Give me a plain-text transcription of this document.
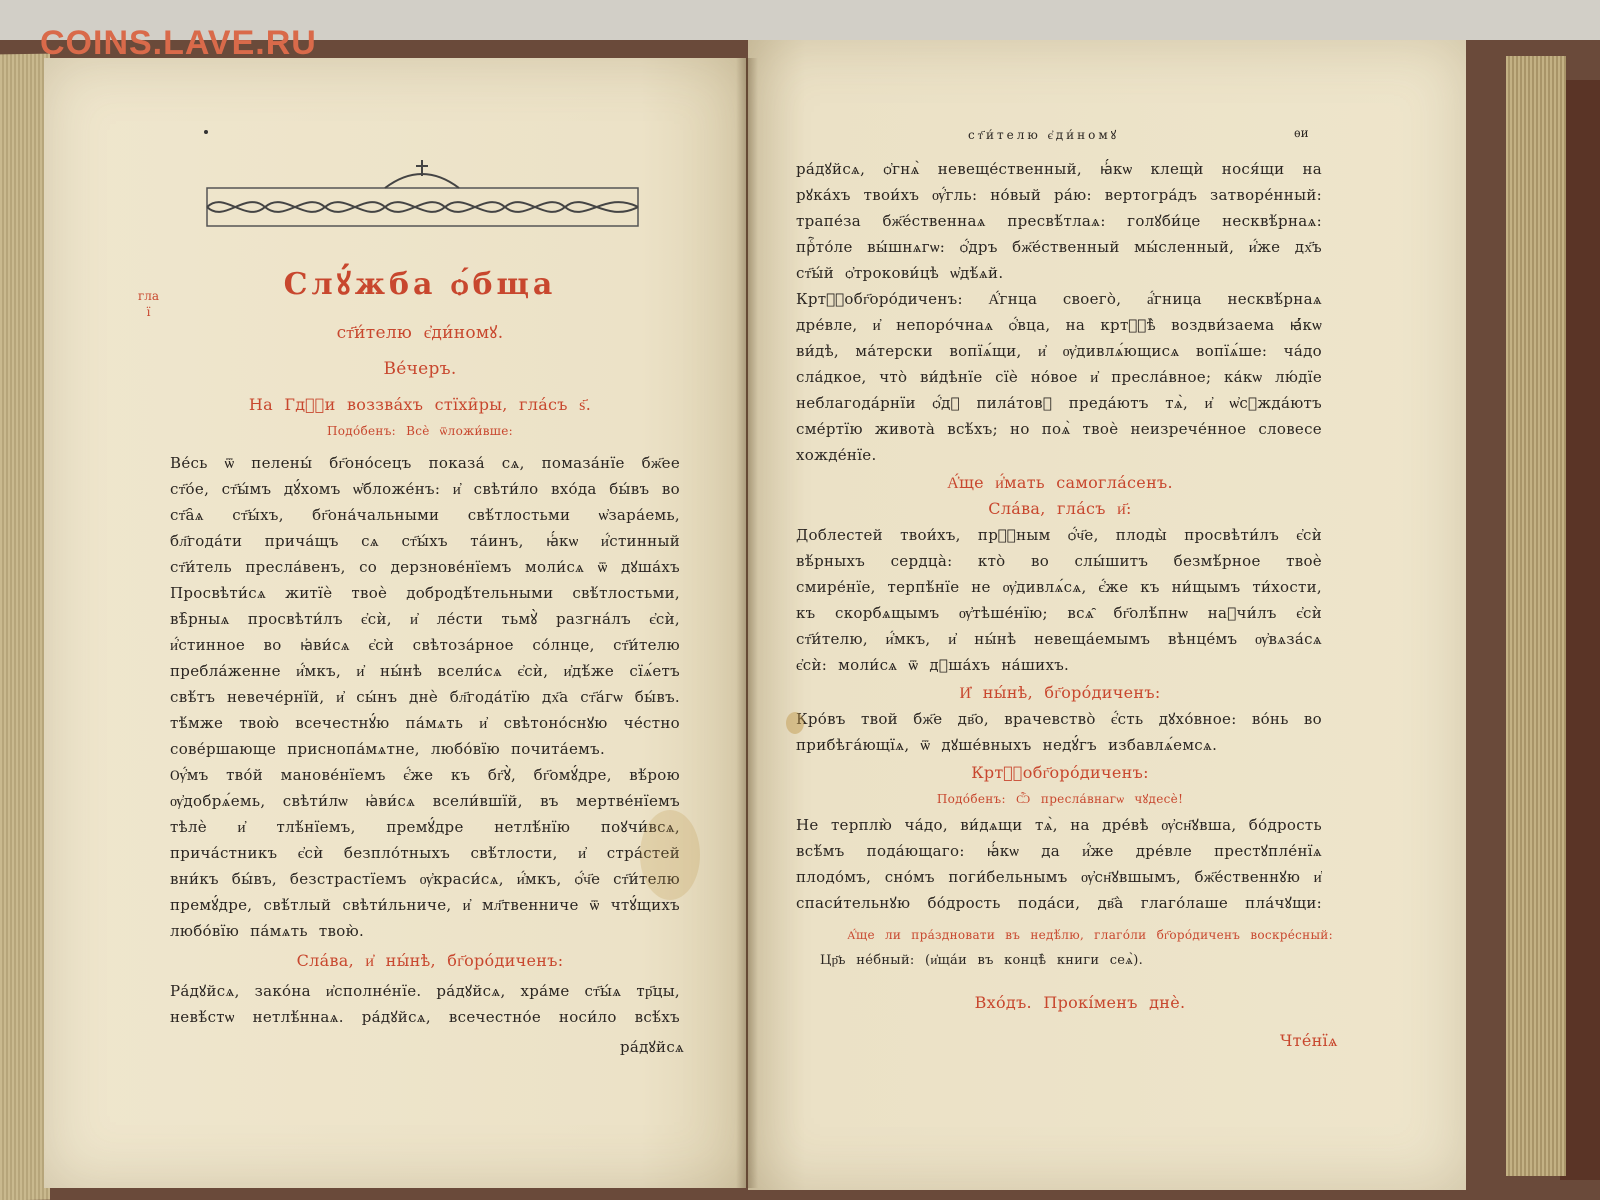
COINS.LAVE.RU
гла
ї
Слꙋ́жба ѻ́бща
ст҃и́телю є҆ди́номꙋ.
Ве́черъ.
На Гдⷭ҇и воззва́хъ стїхи̑ры, гла́съ ѕ҃.
Подо́бенъ: Всѐ ѿложи́вше:
Ве́сь ѿ пелены́ бг҃оно́сецъ показа́ сѧ, помаза́нїе бж҃ее ст҃о́е, ст҃ы́мъ дꙋ́хомъ ѡ҆бложе́нъ: и҆ свѣти́ло вхо́да бы́въ во ст҃а̑ѧ ст҃ы́хъ, бг҃она́чальными свѣ́тлостьми ѡ҆зара́емь, бл҃года́ти прича́щъ сѧ ст҃ы́хъ та́инъ, ꙗ҆́кѡ и҆́стинный ст҃и́тель пресла́венъ, со дерзнове́нїемъ моли́сѧ ѿ дꙋша́хъ
Просвѣти́сѧ житїѐ твоѐ добродѣ́тельными свѣ́тлостьми, вѣ̑рныѧ просвѣти́лъ є҆сѝ, и҆ ле́сти тьмꙋ̀ разгна́лъ є҆сѝ, и҆́стинное во ꙗ҆ви́сѧ є҆сѝ свѣтоза́рное со́лнце, ст҃и́телю пребла́женне и҆́мкъ, и҆ ны́нѣ всели́сѧ є҆сѝ, и҆дѣ́же сїѧ́етъ свѣ́тъ невече́рнїй, и҆ сы́нъ днѐ бл҃года́тїю дх҃а ст҃а́гѡ бы́въ. тѣ́мже твою̀ всечестнꙋ́ю па́мѧть и҆ свѣтоно́снꙋю че́стно сове́ршающе приснопа́мѧтне, любо́вїю почита́емъ.
Ѹ҆́мъ тво́й манове́нїемъ є҆́же къ бг҃ꙋ̀, бг҃омꙋ́дре, вѣ́рою ѹ҆добрѧ́емь, свѣти́лѡ ꙗ҆ви́сѧ всели́вшїй, въ мертве́нїемъ тѣлѐ и҆ тлѣ́нїемъ, премꙋ́дре нетлѣ́нїю поꙋчи́всѧ, прича́стникъ є҆сѝ безпло́тныхъ свѣ́тлости, и҆ стра́стей вни́къ бы́въ, безстрастїемъ ѹ҆краси́сѧ, и҆́мкъ, ѻ҆́ч҃е ст҃и́телю премꙋ́дре, свѣ́тлый свѣти́льниче, и҆ мл҃твенниче ѿ чтꙋ́щихъ любо́вїю па́мѧть твою̀.
Сла́ва, и҆ ны́нѣ, бг҃оро́диченъ:
Ра́дꙋйсѧ, зако́на и҆сполне́нїе. ра́дꙋйсѧ, хра́ме ст҃ы́ѧ тр҃цы, невѣ́стѡ нетлѣ́ннаѧ. ра́дꙋйсѧ, всечестно́е носи́ло всѣ́хъ
ра́дꙋйсѧ
ст҃и́телю є҆ди́номꙋ	ѳи
ра́дꙋйсѧ, ѻ҆гнѧ̀ невеще́ственный, ꙗ҆́кѡ клещѝ нося́щи на рꙋка́хъ твои́хъ ѹ҆́гль: но́вый ра́ю: вертогра́дъ затворе́нный: трапе́за бж҃е́ственнаѧ пресвѣ́тлаѧ: голꙋби́це несквѣ́рнаѧ: прⷭ҇то́ле вы́шнѧгѡ: ѻ҆́дръ бж҃е́ственный мы́сленный, и҆́же дх҃ъ ст҃ы́й ѻ҆трокови́цѣ ѡ҆дѣ́ѧй.
Кртⷭ҇обг҃оро́диченъ: А҆́гнца своего̀, а҆́гница несквѣ́рнаѧ дре́вле, и҆ непоро́чнаѧ ѻ҆́вца, на кртⷭ҇ѣ̀ воздви́заема ꙗ҆́кѡ ви́дѣ, ма́терски вопїѧ́щи, и҆ ѹ҆дивлѧ́ющисѧ вопїѧ́ше: ча́до сла́дкое, что̀ ви́дѣнїе сїѐ но́вое и҆ пресла́вное; ка́кѡ лю́дїе неблагода́рнїи ѻ҆́дꙋ пила́товꙋ преда́ютъ тѧ̀, и҆ ѡ҆сꙋжда́ютъ сме́ртїю живота̀ всѣ́хъ; но поѧ̀ твоѐ неизрече́нное словесе хожде́нїе.
А҆́ще и҆́мать самогла́сенъ.
Сла́ва, гла́съ и҃:
Доблестей твои́хъ, прⷭ҇ным ѻ҆́ч҃е, плоды̀ просвѣти́лъ є҆сѝ вѣ́рныхъ сердца̀: кто̀ во слы́шитъ безмѣ́рное твоѐ смире́нїе, терпѣ́нїе не ѹ҆дивлѧ́сѧ, є҆́же къ ни́щымъ ти́хости, къ скорбѧщымъ ѹ҆тѣше́нїю; всѧ̑ бг҃олѣ́пнѡ наꙋчи́лъ є҆сѝ ст҃и́телю, и҆́мкъ, и҆ ны́нѣ невеща́емымъ вѣнце́мъ ѹ҆вѧза́сѧ є҆сѝ: моли́сѧ ѿ дꙋша́хъ на́шихъ.
И҆ ны́нѣ, бг҃оро́диченъ:
Кро́въ твой бж҃е дв҃о, врачевство̀ є҆́сть дꙋхо́вное: во́нь во прибѣга́ющїѧ, ѿ дꙋше́вныхъ недꙋ́гъ избавлѧ́емсѧ.
Кртⷭ҇обг҃оро́диченъ:
Подо́бенъ: Ѽ пресла́внагѡ чꙋдесѐ!
Не терплю̀ ча́до, ви́дѧщи тѧ̀, на дре́вѣ ѹ҆сн҃ꙋвша, бо́дрость всѣ́мъ пода́ющаго: ꙗ҆́кѡ да и҆́же дре́вле престꙋпле́нїѧ плодо́мъ, сно́мъ поги́бельнымъ ѹ҆сн҃ꙋвшымъ, бж҃е́ственнꙋю и҆ спаси́тельнꙋю бо́дрость пода́си, дв҃а̀ глаго́лаше пла́чꙋщи:
А҆́ще ли пра́здновати въ недѣ́лю, глаго́ли бг҃оро́диченъ воскре́сный:
Цр҃ь не́бный: (и҆ща́и въ концѣ̀ книги сеѧ̀).
Вхо́дъ. Прокі́менъ днѐ.
Чте́нїѧ
